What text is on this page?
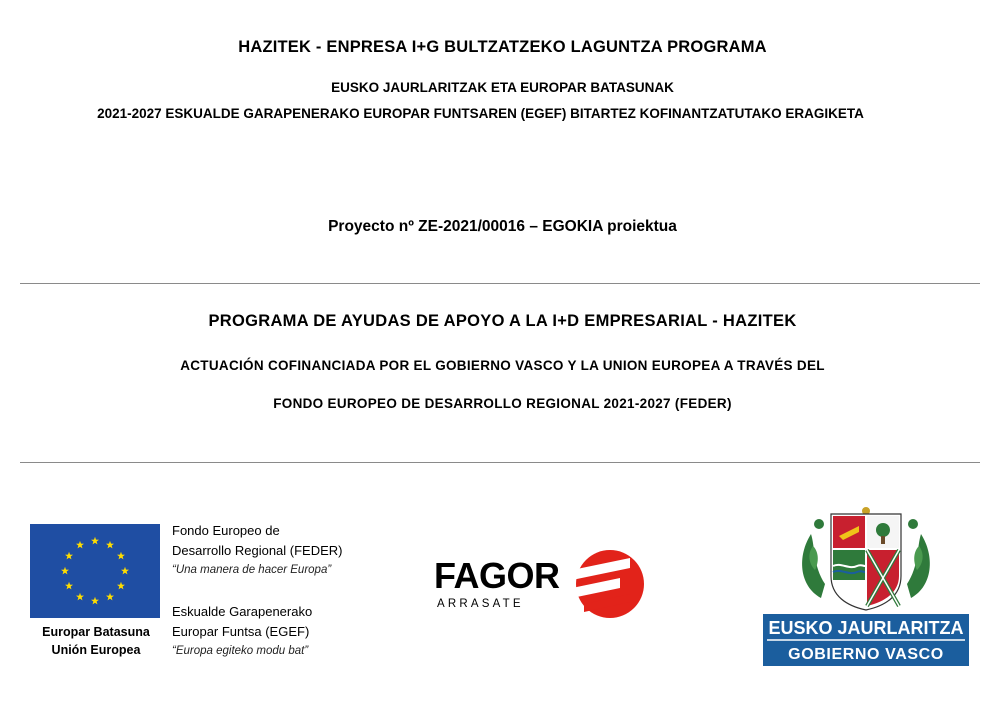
HAZITEK - ENPRESA I+G BULTZATZEKO LAGUNTZA PROGRAMA
EUSKO JAURLARITZAK ETA EUROPAR BATASUNAK
2021-2027 ESKUALDE GARAPENERAKO EUROPAR FUNTSAREN (EGEF) BITARTEZ KOFINANTZATUTAKO ERAGIKETA
Proyecto nº ZE-2021/00016 – EGOKIA proiektua
PROGRAMA DE AYUDAS DE APOYO A LA I+D EMPRESARIAL - HAZITEK
ACTUACIÓN COFINANCIADA POR EL GOBIERNO VASCO Y LA UNION EUROPEA A TRAVÉS DEL
FONDO EUROPEO DE DESARROLLO REGIONAL 2021-2027 (FEDER)
Europar Batasuna
Unión Europea
Fondo Europeo de
Desarrollo Regional (FEDER)
“Una manera de hacer Europa”
Eskualde Garapenerako
Europar Funtsa (EGEF)
“Europa egiteko modu bat”
FAGOR
ARRASATE
EUSKO JAURLARITZA
GOBIERNO VASCO
